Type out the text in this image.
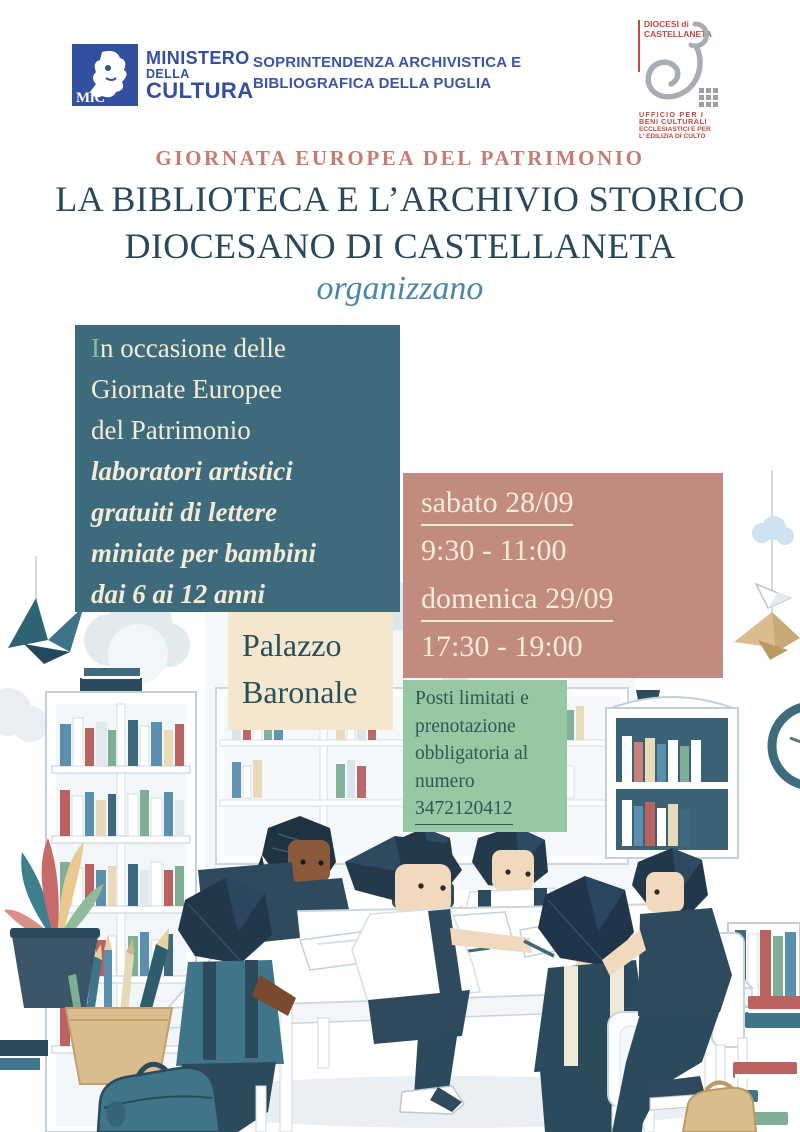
MiC
MINISTERO
DELLA
CULTURA
SOPRINTENDENZA ARCHIVISTICA E
BIBLIOGRAFICA DELLA PUGLIA
DIOCESI di
CASTELLANETA
UFFICIO PER I
BENI CULTURALI
ECCLESIASTICI E PER
L’ EDILIZIA DI CULTO
GIORNATA EUROPEA DEL PATRIMONIO
LA BIBLIOTECA E L’ARCHIVIO STORICO
DIOCESANO DI CASTELLANETA
organizzano
In occasione delle
Giornate Europee
del Patrimonio
laboratori artistici
gratuiti di lettere
miniate per bambini
dai 6 ai 12 anni
sabato 28/09
9:30 - 11:00
domenica 29/09
17:30 - 19:00
Palazzo
Baronale	Posti limitati e
prenotazione
obbligatoria al
numero
3472120412
